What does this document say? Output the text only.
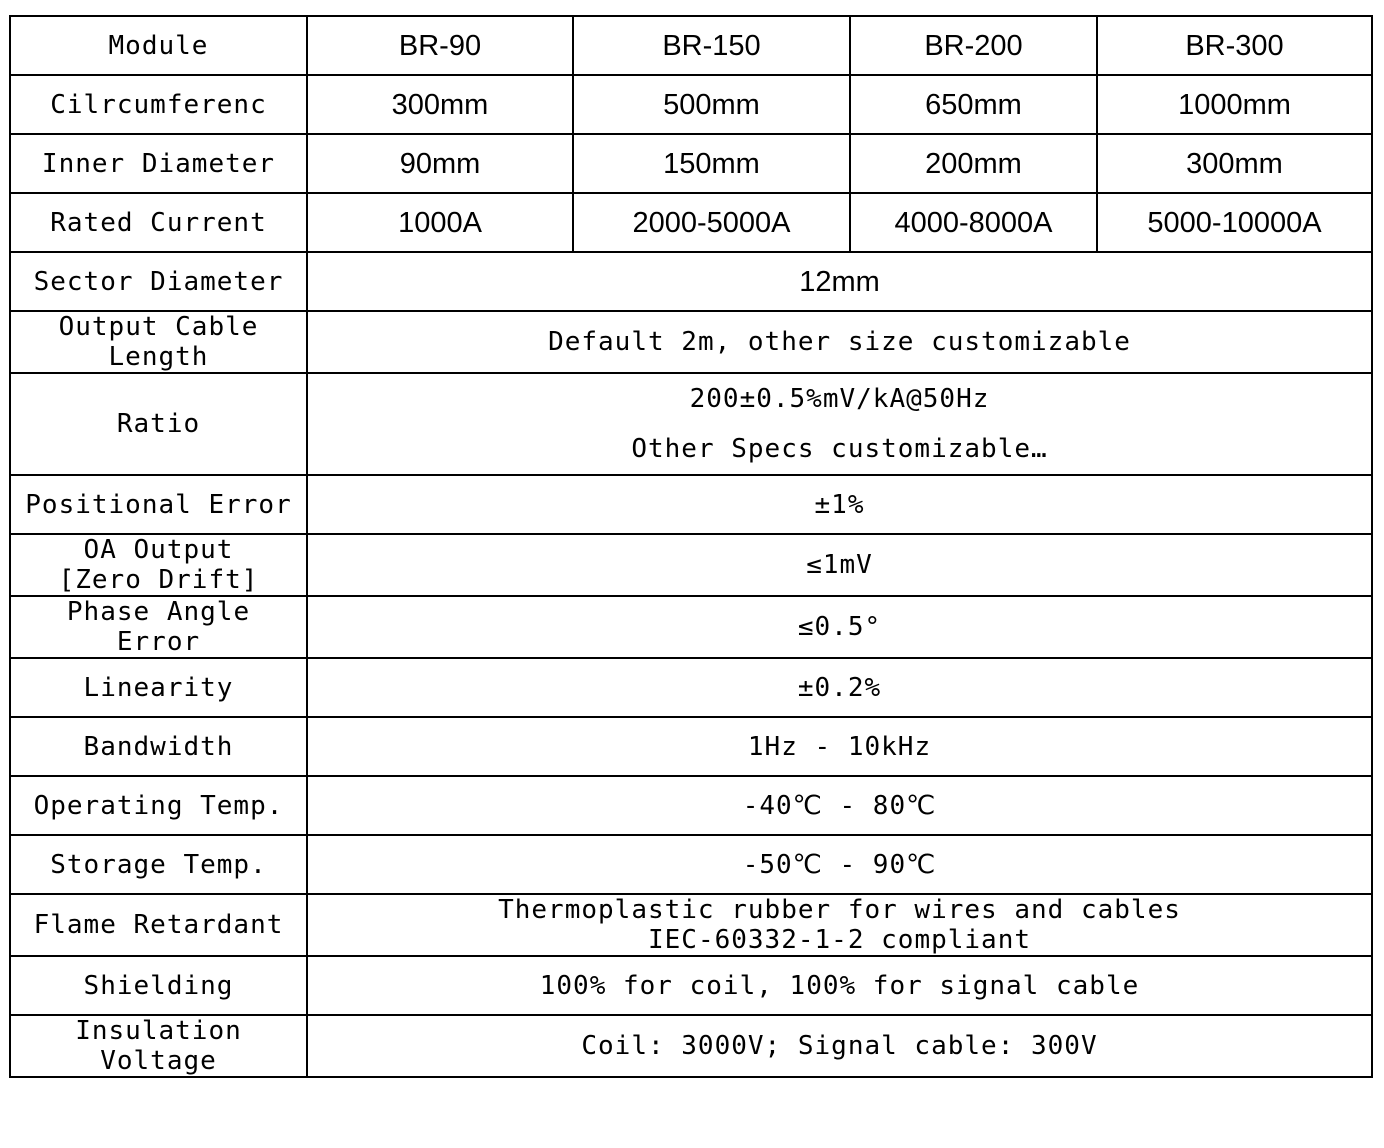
Module	BR-90	BR-150	BR-200	BR-300
Cilrcumferenc	300mm	500mm	650mm	1000mm
Inner Diameter	90mm	150mm	200mm	300mm
Rated Current	1000A	2000-5000A	4000-8000A	5000-10000A
Sector Diameter	12mm			

Output Cable
Length	Default 2m, other size customizable			
Ratio	200±0.5%mV/kA@50Hz
Other Specs customizable…			

Positional Error	±1%			

OA Output
[Zero Drift]	≤1mV			

Phase Angle
Error	≤0.5°			
Linearity	±0.2%			
Bandwidth	1Hz - 10kHz			
Operating Temp.	-40℃ - 80℃			
Storage Temp.	-50℃ - 90℃			
Flame Retardant	Thermoplastic rubber for wires and cables
IEC-60332-1-2 compliant			

Shielding	100% for coil, 100% for signal cable			
Insulation Voltage	Coil: 3000V; Signal cable: 300V			
